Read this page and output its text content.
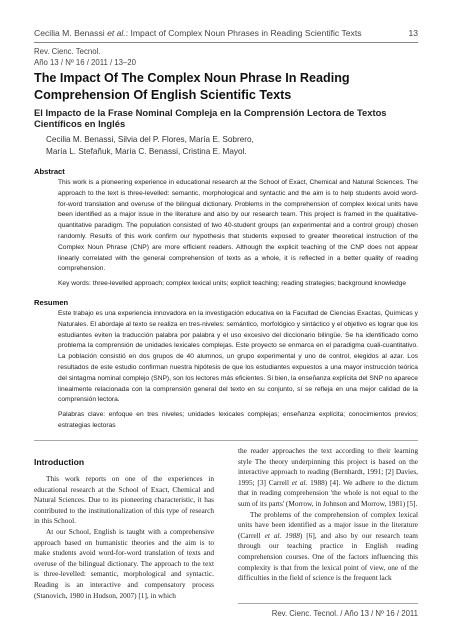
Cecilia M. Benassi et al.: Impact of Complex Noun Phrases in Reading Scientific Texts	13
Rev. Cienc. Tecnol.
Año 13 / Nº 16 / 2011 / 13–20
The Impact Of The Complex Noun Phrase In Reading Comprehension Of English Scientific Texts
El Impacto de la Frase Nominal Compleja en la Comprensión Lectora de Textos Científicos en Inglés
Cecilia M. Benassi, Silvia del P. Flores, María E. Sobrero,
María L. Stefañuk, María C. Benassi, Cristina E. Mayol.
Abstract

This work is a pioneering experience in educational research at the School of Exact, Chemical and Natural Sciences. The approach to the text is three-levelled: semantic, morphological and syntactic and the aim is to help students avoid word-for-word translation and overuse of the bilingual dictionary. Problems in the comprehension of complex lexical units have been identified as a major issue in the literature and also by our research team. This project is framed in the qualitative-quantitative paradigm. The population consisted of two 40-student groups (an experimental and a control group) chosen randomly. Results of this work confirm our hypothesis that students exposed to greater theoretical instruction of the Complex Noun Phrase (CNP) are more efficient readers. Although the explicit teaching of the CNP does not appear linearly correlated with the general comprehension of texts as a whole, it is reflected in a better quality of reading comprehension.

Key words: three-levelled approach; complex lexical units; explicit teaching; reading strategies; background knowledge

Resumen

Este trabajo es una experiencia innovadora en la investigación educativa en la Facultad de Ciencias Exactas, Químicas y Naturales. El abordaje al texto se realiza en tres-niveles: semántico, morfológico y sintáctico y el objetivo es lograr que los estudiantes eviten la traducción palabra por palabra y el uso excesivo del diccionario bilingüe. Se ha identificado como problema la comprensión de unidades lexicales complejas. Este proyecto se enmarca en el paradigma cuali-cuantitativo. La población consistió en dos grupos de 40 alumnos, un grupo experimental y uno de control, elegidos al azar. Los resultados de este estudio confirman nuestra hipótesis de que los estudiantes expuestos a una mayor instrucción teórica del sintagma nominal complejo (SNP), son los lectores más eficientes. Si bien, la enseñanza explícita del SNP no aparece linealmente relacionada con la comprensión general del texto en su conjunto, sí se refleja en una mejor calidad de la comprensión lectora.

Palabras clave: enfoque en tres niveles; unidades lexicales complejas; enseñanza explícita; conocimientos previos; estrategias lectoras

Introduction

This work reports on one of the experiences in educational research at the School of Exact, Chemical and Natural Sciences. Due to its pioneering characteristic, it has contributed to the institutionalization of this type of research in this School.

At our School, English is taught with a comprehensive approach based on humanistic theories and the aim is to make students avoid word-for-word translation of texts and overuse of the bilingual dictionary. The approach to the text is three-levelled: semantic, morphological and syntactic. Reading is an interactive and compensatory process (Stanovich, 1980 in Hudson, 2007) [1], in which

the reader approaches the text according to their learning style The theory underpinning this project is based on the interactive approach to reading (Bernhardt, 1991; [2] Davies, 1995; [3] Carrell et al. 1988) [4]. We adhere to the dictum that in reading comprehension 'the whole is not equal to the sum of its parts' (Morrow, in Johnson and Morrow, 1981) [5].

The problems of the comprehension of complex lexical units have been identified as a major issue in the literature (Carrell et al. 1988) [6], and also by our research team through our teaching practice in English reading comprehension courses. One of the factors influencing this complexity is that from the lexical point of view, one of the difficulties in the field of science is the frequent lack

Rev. Cienc. Tecnol. / Año 13 / Nº 16 / 2011
